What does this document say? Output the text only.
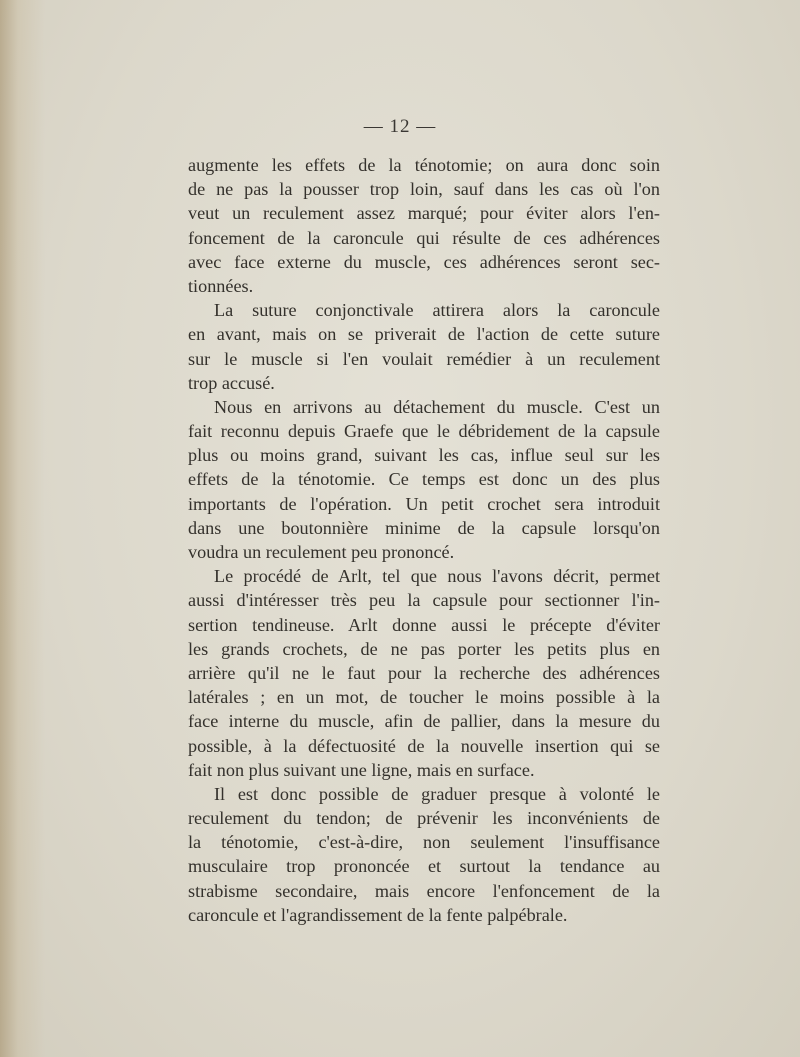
— 12 —
augmente les effets de la ténotomie; on aura donc soin
de ne pas la pousser trop loin, sauf dans les cas où l'on
veut un reculement assez marqué; pour éviter alors l'en-
foncement de la caroncule qui résulte de ces adhérences
avec face externe du muscle, ces adhérences seront sec-
tionnées.
La suture conjonctivale attirera alors la caroncule
en avant, mais on se priverait de l'action de cette suture
sur le muscle si l'en voulait remédier à un reculement
trop accusé.
Nous en arrivons au détachement du muscle. C'est un
fait reconnu depuis Graefe que le débridement de la capsule
plus ou moins grand, suivant les cas, influe seul sur les
effets de la ténotomie. Ce temps est donc un des plus
importants de l'opération. Un petit crochet sera introduit
dans une boutonnière minime de la capsule lorsqu'on
voudra un reculement peu prononcé.
Le procédé de Arlt, tel que nous l'avons décrit, permet
aussi d'intéresser très peu la capsule pour sectionner l'in-
sertion tendineuse. Arlt donne aussi le précepte d'éviter
les grands crochets, de ne pas porter les petits plus en
arrière qu'il ne le faut pour la recherche des adhérences
latérales ; en un mot, de toucher le moins possible à la
face interne du muscle, afin de pallier, dans la mesure du
possible, à la défectuosité de la nouvelle insertion qui se
fait non plus suivant une ligne, mais en surface.
Il est donc possible de graduer presque à volonté le
reculement du tendon; de prévenir les inconvénients de
la ténotomie, c'est-à-dire, non seulement l'insuffisance
musculaire trop prononcée et surtout la tendance au
strabisme secondaire, mais encore l'enfoncement de la
caroncule et l'agrandissement de la fente palpébrale.
